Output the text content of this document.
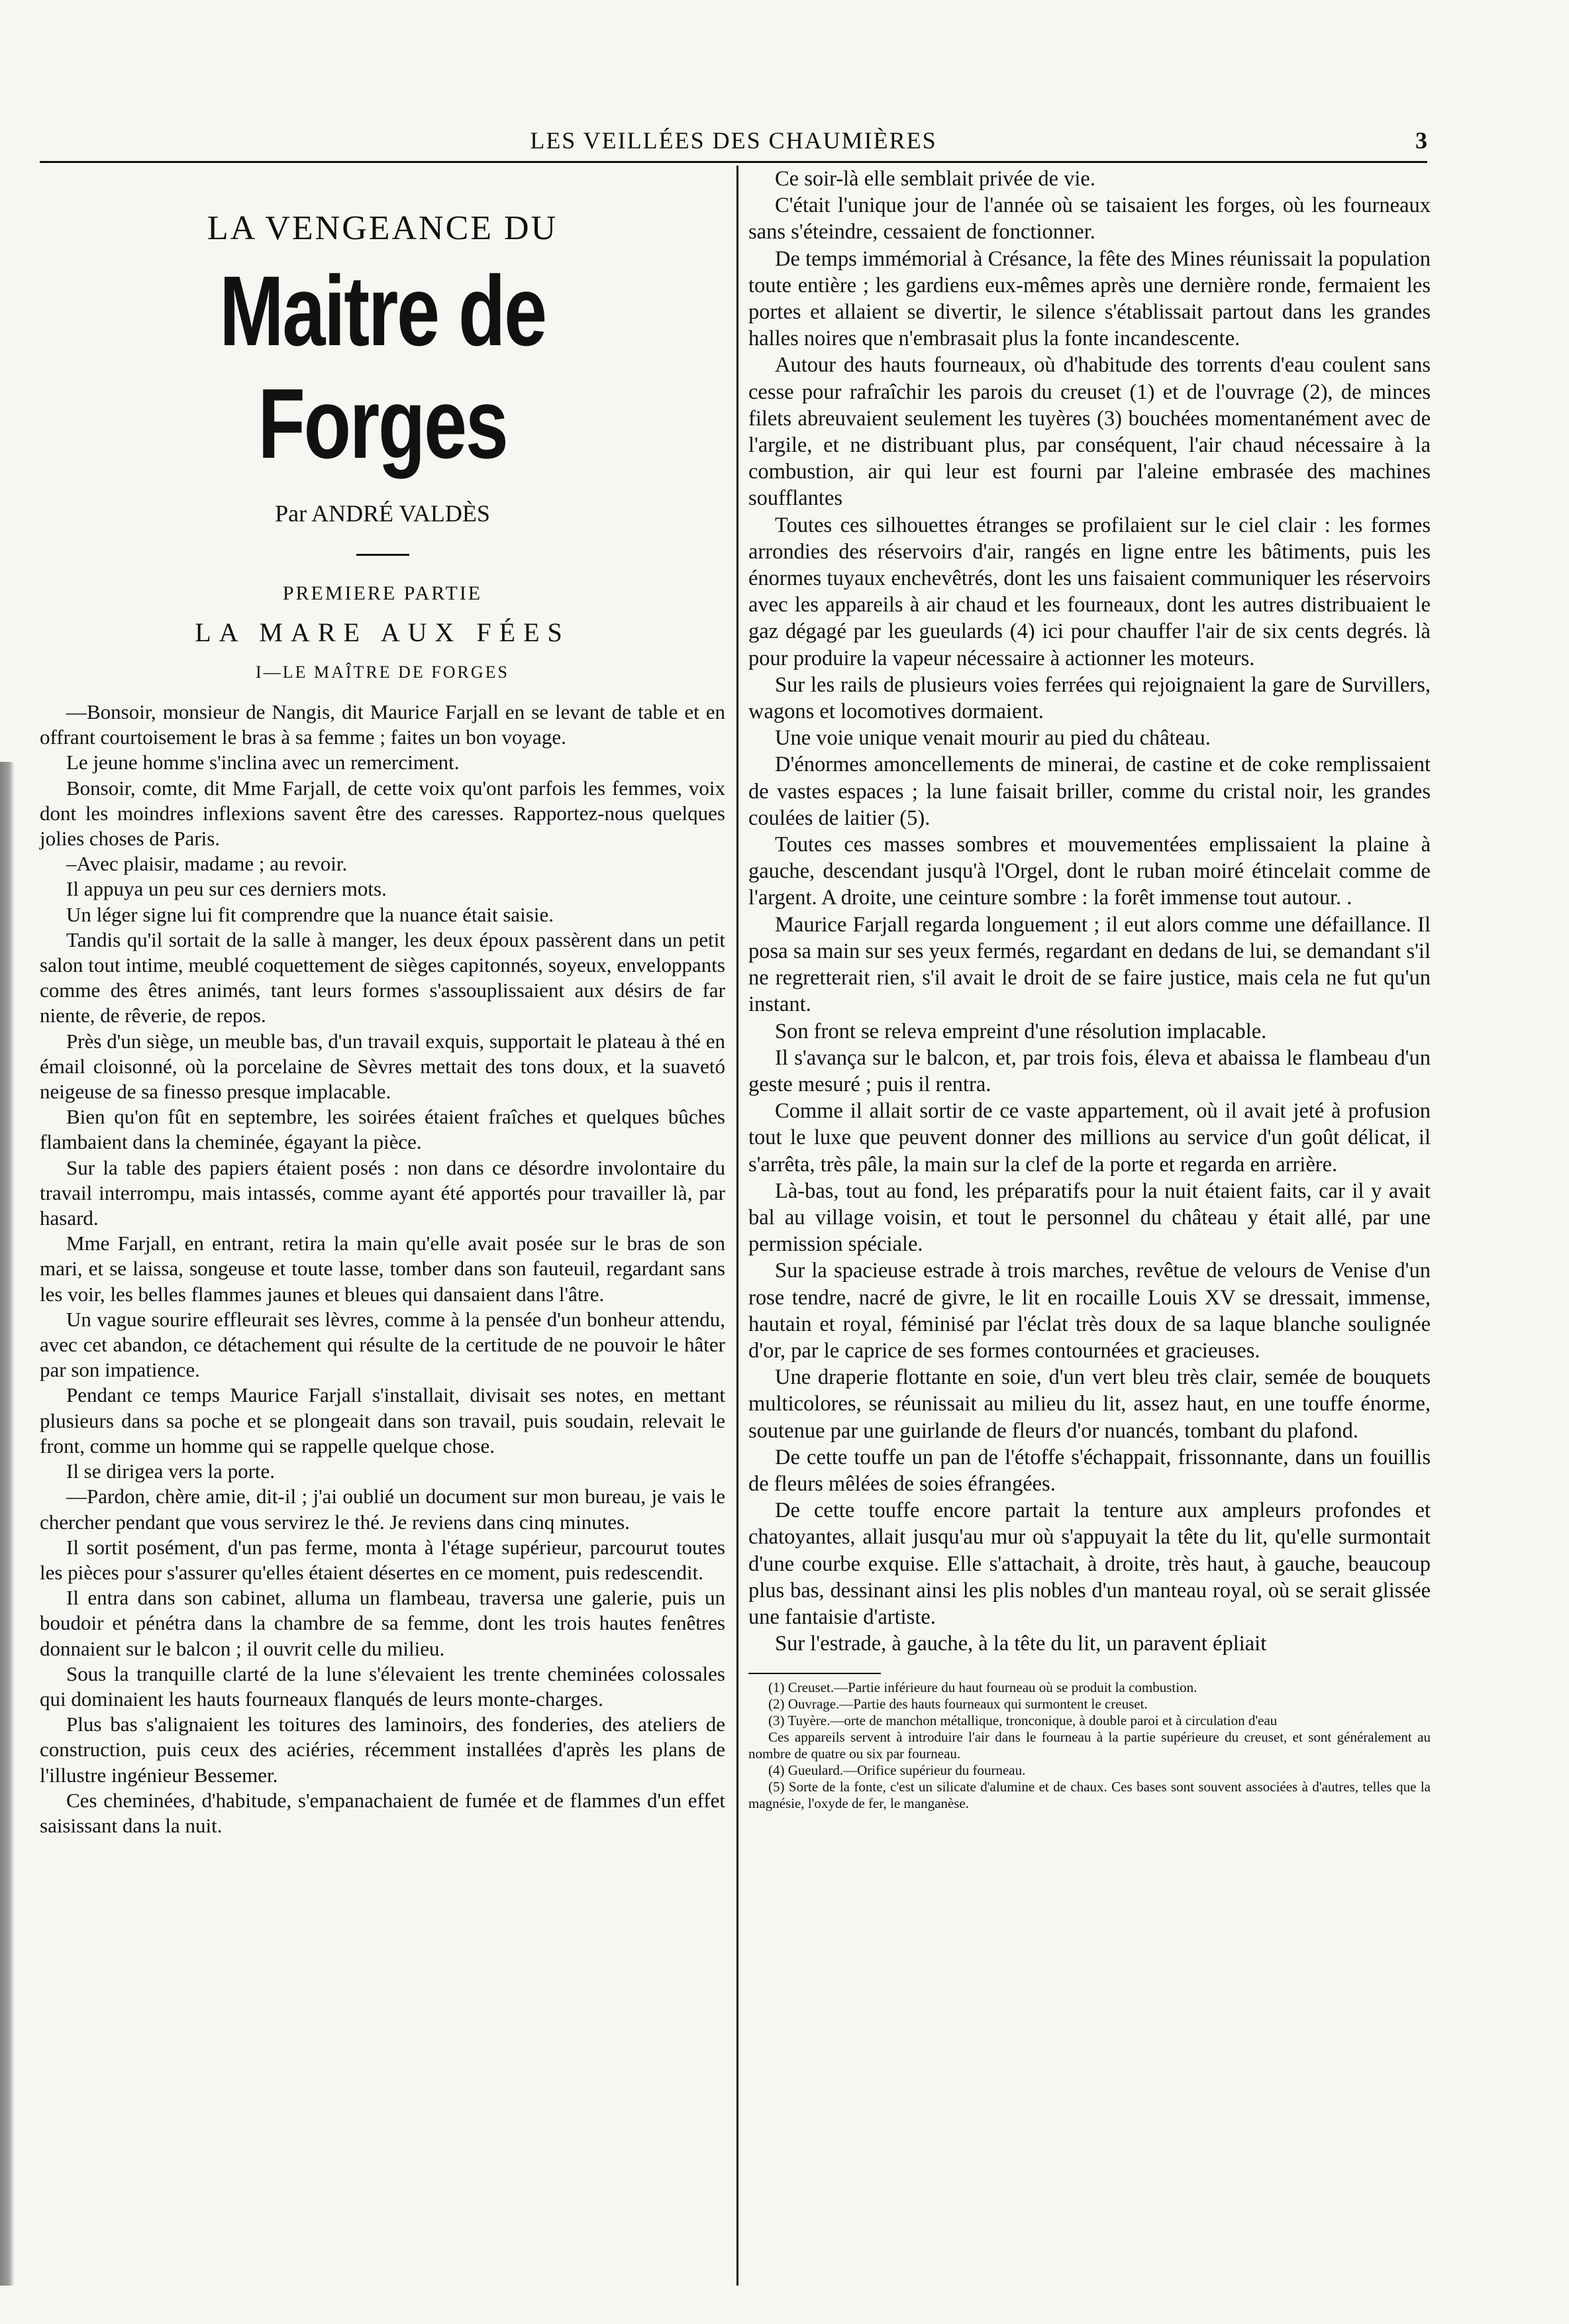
LES VEILLÉES DES CHAUMIÈRES	3
LA VENGEANCE DU
Maitre de Forges
Par ANDRÉ VALDÈS
PREMIERE PARTIE
LA MARE AUX FÉES
I—LE MAÎTRE DE FORGES

—Bonsoir, monsieur de Nangis, dit Maurice Farjall en se levant de table et en offrant courtoisement le bras à sa femme ; faites un bon voyage.

Le jeune homme s'inclina avec un remerciment.

Bonsoir, comte, dit Mme Farjall, de cette voix qu'ont parfois les femmes, voix dont les moindres inflexions savent être des caresses. Rapportez-nous quelques jolies choses de Paris.

–Avec plaisir, madame ; au revoir.

Il appuya un peu sur ces derniers mots.

Un léger signe lui fit comprendre que la nuance était saisie.

Tandis qu'il sortait de la salle à manger, les deux époux passèrent dans un petit salon tout intime, meublé coquettement de sièges capitonnés, soyeux, enveloppants comme des êtres animés, tant leurs formes s'assouplissaient aux désirs de far niente, de rêverie, de repos.

Près d'un siège, un meuble bas, d'un travail exquis, supportait le plateau à thé en émail cloisonné, où la porcelaine de Sèvres mettait des tons doux, et la suavetó neigeuse de sa finesso presque implacable.

Bien qu'on fût en septembre, les soirées étaient fraîches et quelques bûches flambaient dans la cheminée, égayant la pièce.

Sur la table des papiers étaient posés : non dans ce désordre involontaire du travail interrompu, mais intassés, comme ayant été apportés pour travailler là, par hasard.

Mme Farjall, en entrant, retira la main qu'elle avait posée sur le bras de son mari, et se laissa, songeuse et toute lasse, tomber dans son fauteuil, regardant sans les voir, les belles flammes jaunes et bleues qui dansaient dans l'âtre.

Un vague sourire effleurait ses lèvres, comme à la pensée d'un bonheur attendu, avec cet abandon, ce détachement qui résulte de la certitude de ne pouvoir le hâter par son impatience.

Pendant ce temps Maurice Farjall s'installait, divisait ses notes, en mettant plusieurs dans sa poche et se plongeait dans son travail, puis soudain, relevait le front, comme un homme qui se rappelle quelque chose.

Il se dirigea vers la porte.

—Pardon, chère amie, dit-il ; j'ai oublié un document sur mon bureau, je vais le chercher pendant que vous servirez le thé. Je reviens dans cinq minutes.

Il sortit posément, d'un pas ferme, monta à l'étage supérieur, parcourut toutes les pièces pour s'assurer qu'elles étaient désertes en ce moment, puis redescendit.

Il entra dans son cabinet, alluma un flambeau, traversa une galerie, puis un boudoir et pénétra dans la chambre de sa femme, dont les trois hautes fenêtres donnaient sur le balcon ; il ouvrit celle du milieu.

Sous la tranquille clarté de la lune s'élevaient les trente cheminées colossales qui dominaient les hauts fourneaux flanqués de leurs monte-charges.

Plus bas s'alignaient les toitures des laminoirs, des fonderies, des ateliers de construction, puis ceux des aciéries, récemment installées d'après les plans de l'illustre ingénieur Bessemer.

Ces cheminées, d'habitude, s'empanachaient de fumée et de flammes d'un effet saisissant dans la nuit.

Ce soir-là elle semblait privée de vie.

C'était l'unique jour de l'année où se taisaient les forges, où les fourneaux sans s'éteindre, cessaient de fonctionner.

De temps immémorial à Crésance, la fête des Mines réunissait la population toute entière ; les gardiens eux-mêmes après une dernière ronde, fermaient les portes et allaient se divertir, le silence s'établissait partout dans les grandes halles noires que n'embrasait plus la fonte incandescente.

Autour des hauts fourneaux, où d'habitude des torrents d'eau coulent sans cesse pour rafraîchir les parois du creuset (1) et de l'ouvrage (2), de minces filets abreuvaient seulement les tuyères (3) bouchées momentanément avec de l'argile, et ne distribuant plus, par conséquent, l'air chaud nécessaire à la combustion, air qui leur est fourni par l'aleine embrasée des machines soufflantes

Toutes ces silhouettes étranges se profilaient sur le ciel clair : les formes arrondies des réservoirs d'air, rangés en ligne entre les bâtiments, puis les énormes tuyaux enchevêtrés, dont les uns faisaient communiquer les réservoirs avec les appareils à air chaud et les fourneaux, dont les autres distribuaient le gaz dégagé par les gueulards (4) ici pour chauffer l'air de six cents degrés. là pour produire la vapeur nécessaire à actionner les moteurs.

Sur les rails de plusieurs voies ferrées qui rejoignaient la gare de Survillers, wagons et locomotives dormaient.

Une voie unique venait mourir au pied du château.

D'énormes amoncellements de minerai, de castine et de coke remplissaient de vastes espaces ; la lune faisait briller, comme du cristal noir, les grandes coulées de laitier (5).

Toutes ces masses sombres et mouvementées emplissaient la plaine à gauche, descendant jusqu'à l'Orgel, dont le ruban moiré étincelait comme de l'argent. A droite, une ceinture sombre : la forêt immense tout autour. .

Maurice Farjall regarda longuement ; il eut alors comme une défaillance. Il posa sa main sur ses yeux fermés, regardant en dedans de lui, se demandant s'il ne regretterait rien, s'il avait le droit de se faire justice, mais cela ne fut qu'un instant.

Son front se releva empreint d'une résolution implacable.

Il s'avança sur le balcon, et, par trois fois, éleva et abaissa le flambeau d'un geste mesuré ; puis il rentra.

Comme il allait sortir de ce vaste appartement, où il avait jeté à profusion tout le luxe que peuvent donner des millions au service d'un goût délicat, il s'arrêta, très pâle, la main sur la clef de la porte et regarda en arrière.

Là-bas, tout au fond, les préparatifs pour la nuit étaient faits, car il y avait bal au village voisin, et tout le personnel du château y était allé, par une permission spéciale.

Sur la spacieuse estrade à trois marches, revêtue de velours de Venise d'un rose tendre, nacré de givre, le lit en rocaille Louis XV se dressait, immense, hautain et royal, féminisé par l'éclat très doux de sa laque blanche soulignée d'or, par le caprice de ses formes contournées et gracieuses.

Une draperie flottante en soie, d'un vert bleu très clair, semée de bouquets multicolores, se réunissait au milieu du lit, assez haut, en une touffe énorme, soutenue par une guirlande de fleurs d'or nuancés, tombant du plafond.

De cette touffe un pan de l'étoffe s'échappait, frissonnante, dans un fouillis de fleurs mêlées de soies éfrangées.

De cette touffe encore partait la tenture aux ampleurs profondes et chatoyantes, allait jusqu'au mur où s'appuyait la tête du lit, qu'elle surmontait d'une courbe exquise. Elle s'attachait, à droite, très haut, à gauche, beaucoup plus bas, dessinant ainsi les plis nobles d'un manteau royal, où se serait glissée une fantaisie d'artiste.

Sur l'estrade, à gauche, à la tête du lit, un paravent épliait

(1) Creuset.—Partie inférieure du haut fourneau où se produit la combustion.

(2) Ouvrage.—Partie des hauts fourneaux qui surmontent le creuset.

(3) Tuyère.—orte de manchon métallique, tronconique, à double paroi et à circulation d'eau

Ces appareils servent à introduire l'air dans le fourneau à la partie supérieure du creuset, et sont généralement au nombre de quatre ou six par fourneau.

(4) Gueulard.—Orifice supérieur du fourneau.

(5) Sorte de la fonte, c'est un silicate d'alumine et de chaux. Ces bases sont souvent associées à d'autres, telles que la magnésie, l'oxyde de fer, le manganèse.
